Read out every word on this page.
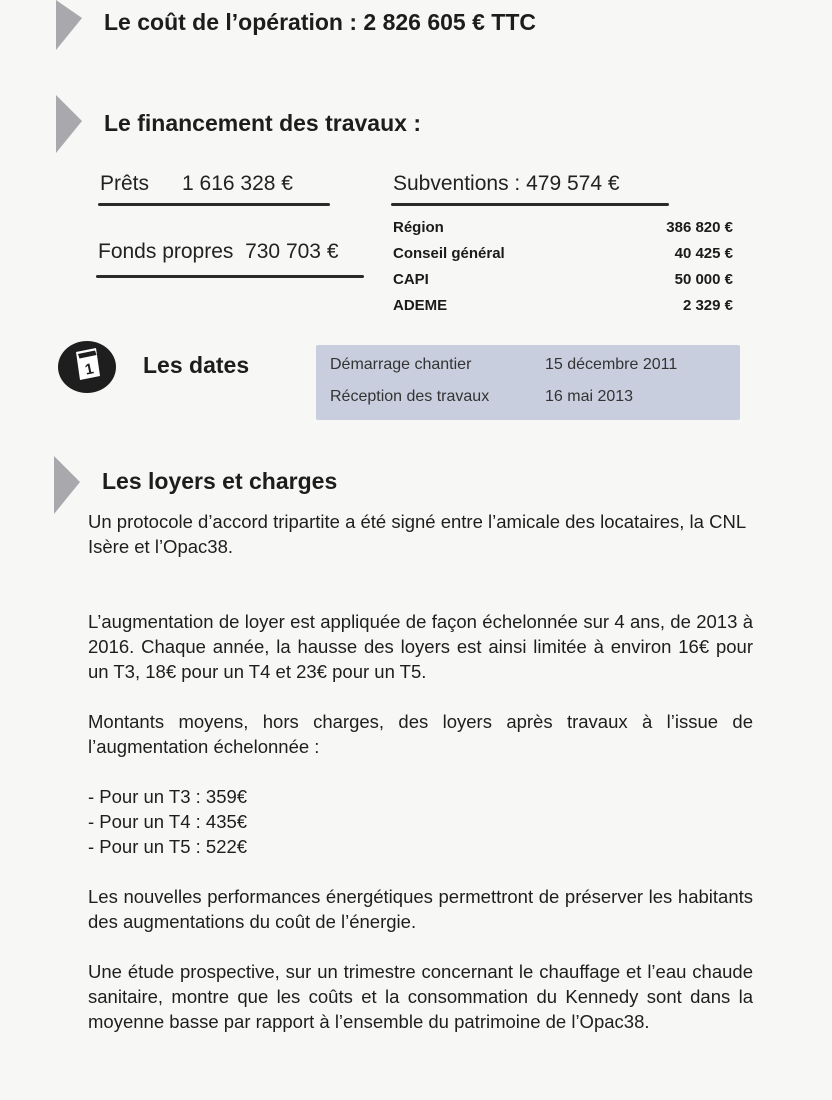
Le coût de l’opération : 2 826 605 € TTC
Le financement des travaux :
Prêts 1 616 328 €
Fonds propres  730 703 €
Subventions : 479 574 €
Région	386 820 €
Conseil général	40 425 €
CAPI	50 000 €
ADEME	2 329 €
1 Les dates	Démarrage chantier	15 décembre 2011
Réception des travaux	16 mai 2013
Les loyers et charges
Un protocole d’accord tripartite a été signé entre l’amicale des locataires, la CNL Isère et l’Opac38.
L’augmentation de loyer est appliquée de façon échelonnée sur 4 ans, de 2013 à 2016. Chaque année, la hausse des loyers est ainsi limitée à environ 16€ pour un T3, 18€ pour un T4 et 23€ pour un T5.
Montants moyens, hors charges, des loyers après travaux à l’issue de l’augmentation échelonnée :
- Pour un T3 : 359€
- Pour un T4 : 435€
- Pour un T5 : 522€
Les nouvelles performances énergétiques permettront de préserver les habitants des augmentations du coût de l’énergie.
Une étude prospective, sur un trimestre concernant le chauffage et l’eau chaude sanitaire, montre que les coûts et la consommation du Kennedy sont dans la moyenne basse par rapport à l’ensemble du patrimoine de l’Opac38.
